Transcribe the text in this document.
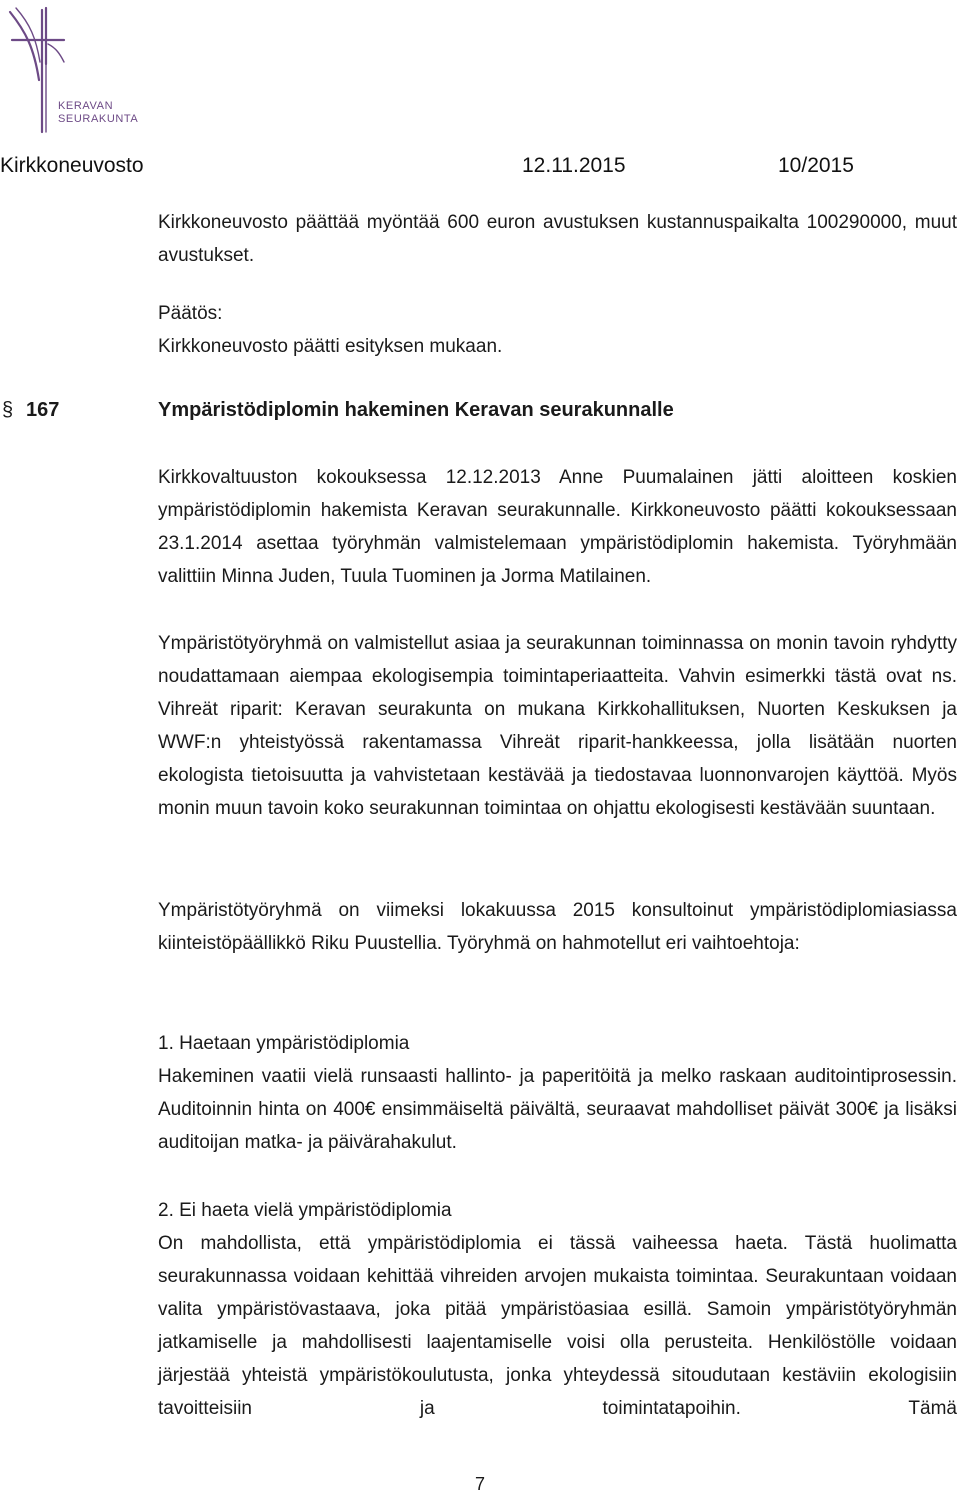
KERAVAN
SEURAKUNTA
Kirkkoneuvosto	12.11.2015	10/2015
Kirkkoneuvosto päättää myöntää 600 euron avustuksen kustannuspaikalta 100290000, muut avustukset.
Päätös:
Kirkkoneuvosto päätti esityksen mukaan.
§ 167	Ympäristödiplomin hakeminen Keravan seurakunnalle
Kirkkovaltuuston kokouksessa 12.12.2013 Anne Puumalainen jätti aloitteen koskien ympäristödiplomin hakemista Keravan seurakunnalle. Kirkkoneuvosto päätti kokouksessaan 23.1.2014 asettaa työryhmän valmistelemaan ympäristödiplomin hakemista. Työryhmään valittiin Minna Juden, Tuula Tuominen ja Jorma Matilainen.
Ympäristötyöryhmä on valmistellut asiaa ja seurakunnan toiminnassa on monin tavoin ryhdytty noudattamaan aiempaa ekologisempia toimintaperiaatteita. Vahvin esimerkki tästä ovat ns. Vihreät riparit: Keravan seurakunta on mukana Kirkkohallituksen, Nuorten Keskuksen ja WWF:n yhteistyössä rakentamassa Vihreät riparit-hankkeessa, jolla lisätään nuorten ekologista tietoisuutta ja vahvistetaan kestävää ja tiedostavaa luonnonvarojen käyttöä. Myös monin muun tavoin koko seurakunnan toimintaa on ohjattu ekologisesti kestävään suuntaan.
Ympäristötyöryhmä on viimeksi lokakuussa 2015 konsultoinut ympäristödiplomiasiassa kiinteistöpäällikkö Riku Puustellia. Työryhmä on hahmotellut eri vaihtoehtoja:
1. Haetaan ympäristödiplomia
Hakeminen vaatii vielä runsaasti hallinto- ja paperitöitä ja melko raskaan auditointiprosessin. Auditoinnin hinta on 400€ ensimmäiseltä päivältä, seuraavat mahdolliset päivät 300€ ja lisäksi auditoijan matka- ja päivärahakulut.
2. Ei haeta vielä ympäristödiplomia
On mahdollista, että ympäristödiplomia ei tässä vaiheessa haeta. Tästä huolimatta seurakunnassa voidaan kehittää vihreiden arvojen mukaista toimintaa. Seurakuntaan voidaan valita ympäristövastaava, joka pitää ympäristöasiaa esillä. Samoin ympäristötyöryhmän jatkamiselle ja mahdollisesti laajentamiselle voisi olla perusteita. Henkilöstölle voidaan järjestää yhteistä ympäristökoulutusta, jonka yhteydessä sitoudutaan kestäviin ekologisiin tavoitteisiin ja toimintatapoihin. Tämä
7
